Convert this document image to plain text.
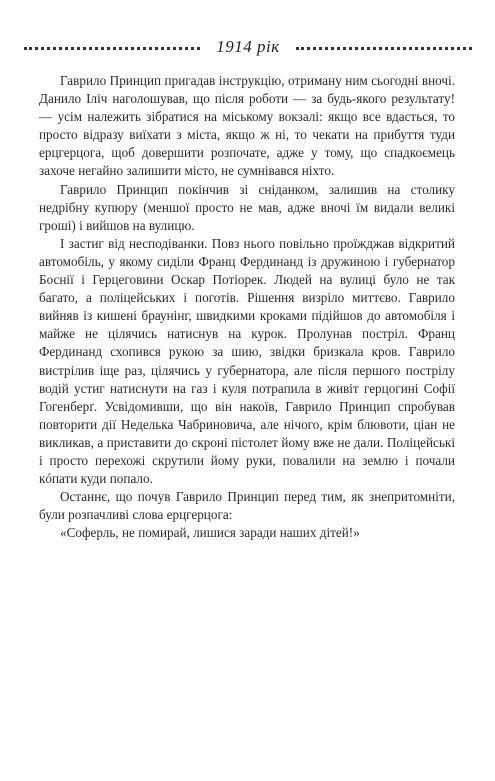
1914 рік

Гаврило Принцип пригадав інструкцію, отриману ним сьогодні вночі. Данило Іліч наголошував, що після роботи — за будь-якого результату! — усім належить зібратися на міському вокзалі: якщо все вдасться, то просто відразу виїхати з міста, якщо ж ні, то чекати на прибуття туди ерцгерцога, щоб довершити розпочате, адже у тому, що спадкоємець захоче негайно залишити місто, не сумнівався ніхто.

Гаврило Принцип покінчив зі сніданком, залишив на столику недрібну купюру (меншої просто не мав, адже вночі їм видали великі гроші) і вийшов на вулицю.

І застиг від несподіванки. Повз нього повільно проїжджав відкритий автомобіль, у якому сиділи Франц Фердинанд із дружиною і губернатор Боснії і Герцеговини Оскар Потіорек. Людей на вулиці було не так багато, а поліцейських і поготів. Рішення визріло миттєво. Гаврило вийняв із кишені браунінг, швидкими кроками підійшов до автомобіля і майже не цілячись натиснув на курок. Пролунав постріл. Франц Фердинанд схопився рукою за шию, звідки бризкала кров. Гаврило вистрілив іще раз, цілячись у губернатора, але після першого пострілу водій устиг натиснути на газ і куля потрапила в живіт герцогині Софії Гогенберґ. Усвідомивши, що він накоїв, Гаврило Принцип спробував повторити дії Неделька Чабриновича, але нічого, крім блювоти, ціан не викликав, а приставити до скроні пістолет йому вже не дали. Поліцейські і просто перехожі скрутили йому руки, повалили на землю і почали кóпати куди попало.

Останнє, що почув Гаврило Принцип перед тим, як знепритомніти, були розпачливі слова ерцгерцога:

«Соферль, не помирай, лишися заради наших дітей!»
